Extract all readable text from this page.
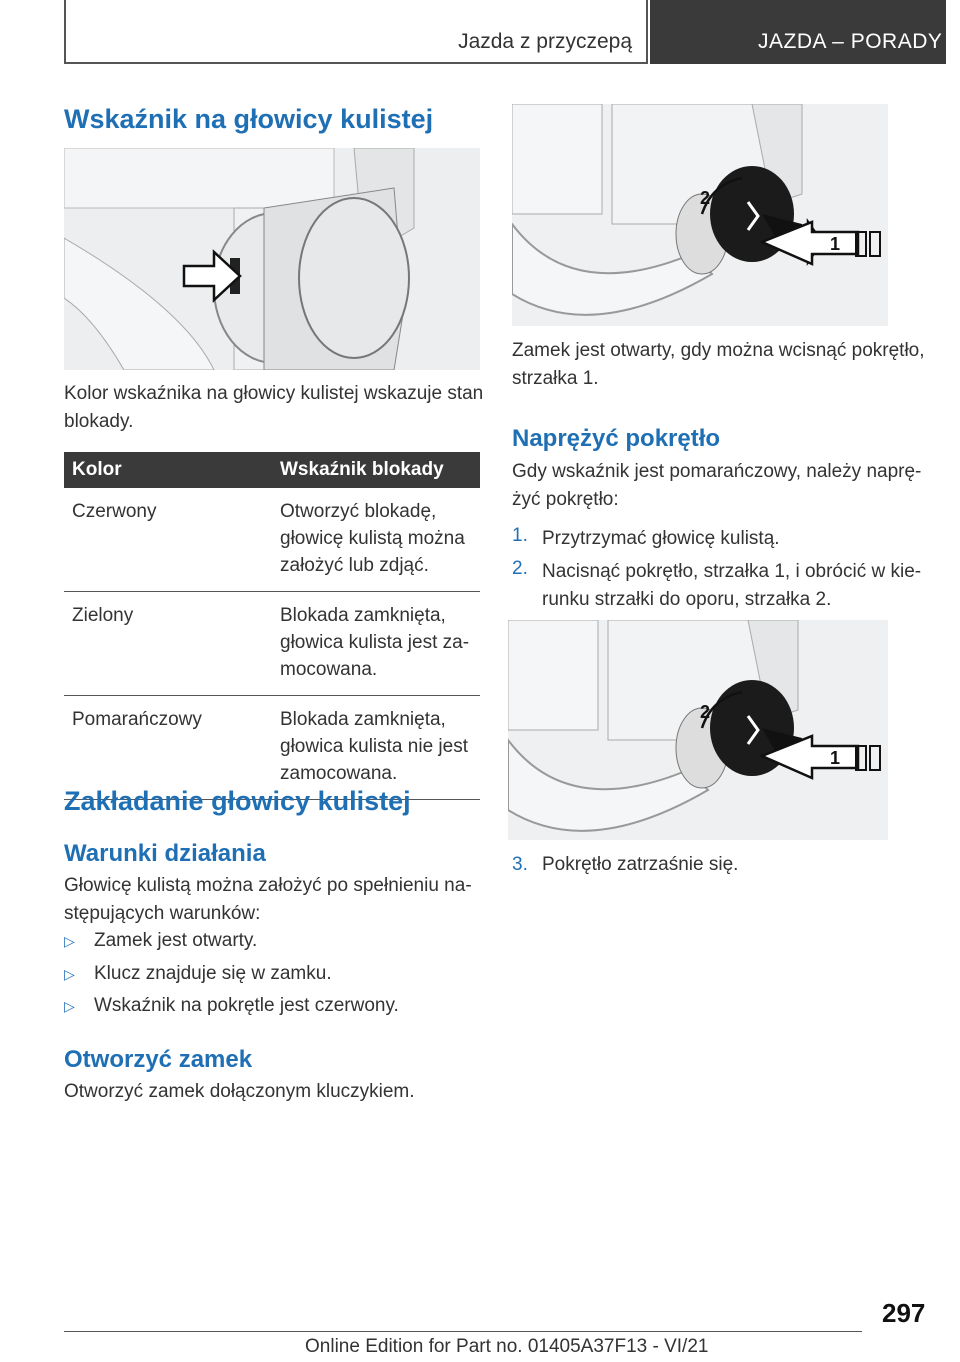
Jazda z przyczepą	JAZDA – PORADY
Wskaźnik na głowicy kulistej
Kolor wskaźnika na głowicy kulistej wskazuje stan blokady.
Kolor	Wskaźnik blokady
Czerwony	Otworzyć blokadę, głowicę kulistą można założyć lub zdjąć.
Zielony	Blokada zamknięta, głowica kulista jest za-mocowana.
Pomarańczowy	Blokada zamknięta, głowica kulista nie jest zamocowana.
Zakładanie głowicy kulistej
Warunki działania
Głowicę kulistą można założyć po spełnieniu na-stępujących warunków:
▷ Zamek jest otwarty.
▷ Klucz znajduje się w zamku.
▷ Wskaźnik na pokrętle jest czerwony.
Otworzyć zamek
Otworzyć zamek dołączonym kluczykiem.
2
1
Zamek jest otwarty, gdy można wcisnąć pokrętło, strzałka 1.
Naprężyć pokrętło
Gdy wskaźnik jest pomarańczowy, należy naprę-żyć pokrętło:
1. Przytrzymać głowicę kulistą.
2. Nacisnąć pokrętło, strzałka 1, i obrócić w kie-runku strzałki do oporu, strzałka 2.
2
1
3. Pokrętło zatrzaśnie się.
297
Online Edition for Part no. 01405A37F13 - VI/21
